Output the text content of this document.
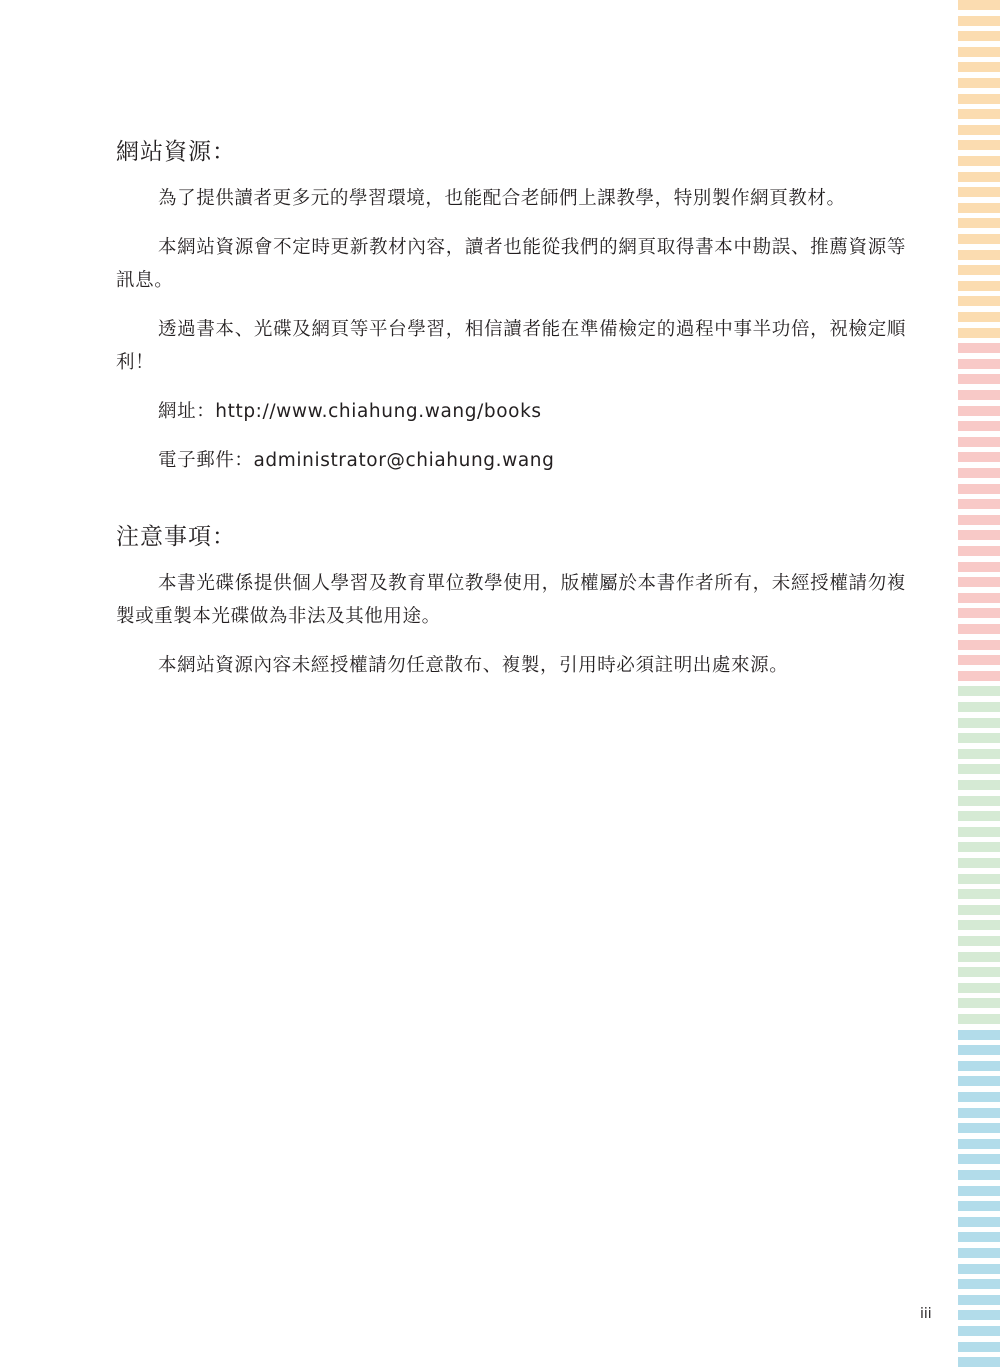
網站資源：

為了提供讀者更多元的學習環境，也能配合老師們上課教學，特別製作網頁教材。

本網站資源會不定時更新教材內容，讀者也能從我們的網頁取得書本中勘誤、推薦資源等訊息。

透過書本、光碟及網頁等平台學習，相信讀者能在準備檢定的過程中事半功倍，祝檢定順利！

網址：http://www.chiahung.wang/books

電子郵件：administrator@chiahung.wang

注意事項：

本書光碟係提供個人學習及教育單位教學使用，版權屬於本書作者所有，未經授權請勿複製或重製本光碟做為非法及其他用途。

本網站資源內容未經授權請勿任意散布、複製，引用時必須註明出處來源。

iii
